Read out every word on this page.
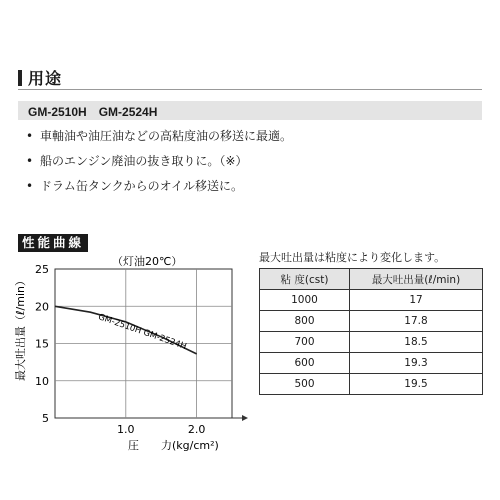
用途
GM-2510H　GM-2524H
• 車軸油や油圧油などの高粘度油の移送に最適。
• 船のエンジン廃油の抜き取りに。（※）
• ドラム缶タンクからのオイル移送に。
性能曲線
5
10
15
20
25
1.0	2.0
GM-2510H GM-2524H
最大吐出量（ℓ/min）
圧　　力(kg/cm²)
（灯油20℃）	最大吐出量は粘度により変化します。
粘 度(cst)	最大吐出量(ℓ/min)
1000	17
800	17.8
700	18.5
600	19.3
500	19.5
